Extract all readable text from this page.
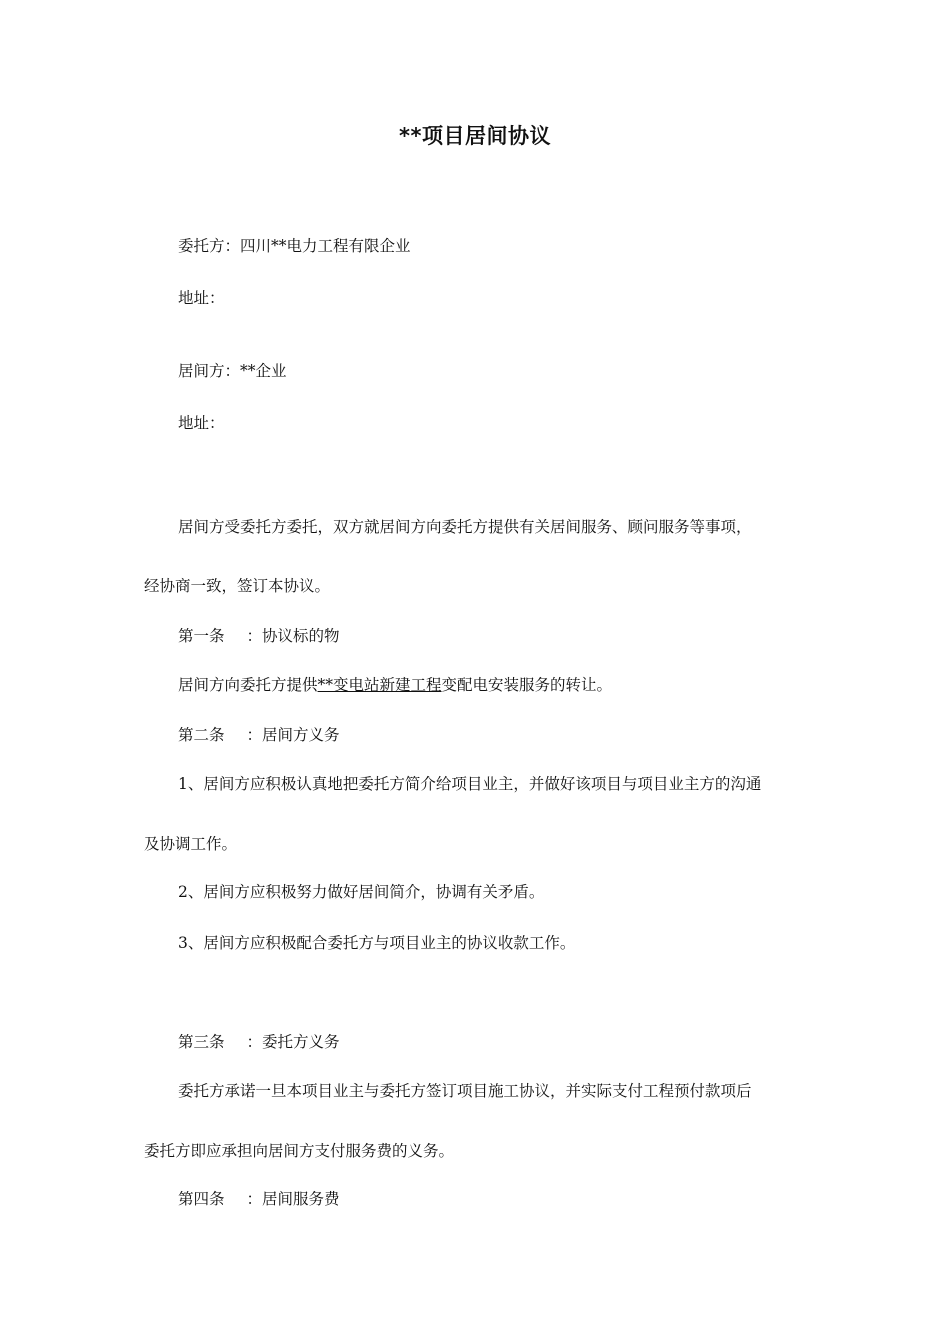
**项目居间协议
委托方：四川**电力工程有限企业
地址：
居间方：**企业
地址：
居间方受委托方委托，双方就居间方向委托方提供有关居间服务、顾问服务等事项，
经协商一致，签订本协议。
第一条 ：协议标的物
居间方向委托方提供**变电站新建工程变配电安装服务的转让。
第二条 ：居间方义务
1、居间方应积极认真地把委托方简介给项目业主，并做好该项目与项目业主方的沟通
及协调工作。
2、居间方应积极努力做好居间简介，协调有关矛盾。
3、居间方应积极配合委托方与项目业主的协议收款工作。
第三条 ：委托方义务
委托方承诺一旦本项目业主与委托方签订项目施工协议，并实际支付工程预付款项后
委托方即应承担向居间方支付服务费的义务。
第四条 ：居间服务费
